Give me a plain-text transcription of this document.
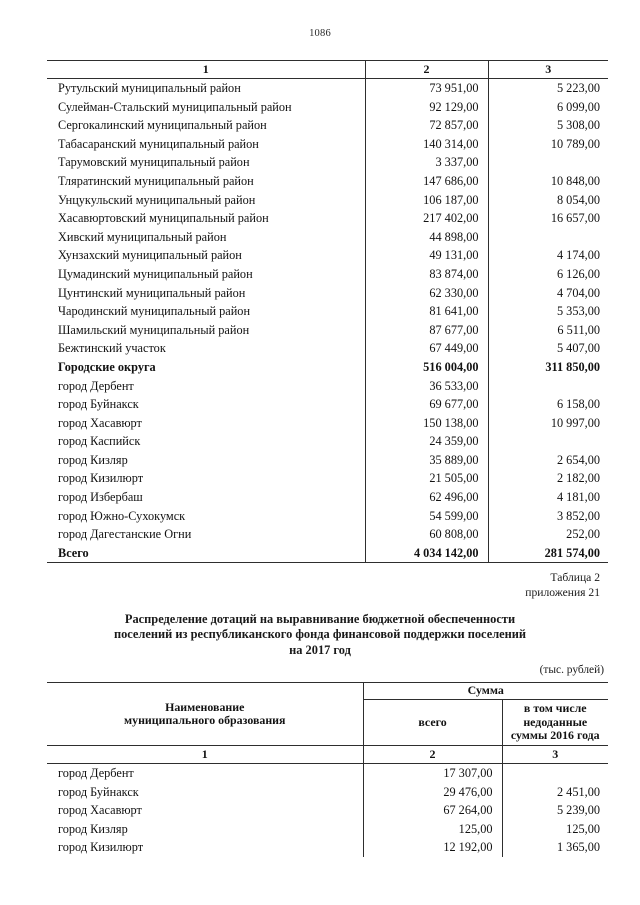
1086
1	2	3
Рутульский муниципальный район	73 951,00	5 223,00
Сулейман-Стальский муниципальный район	92 129,00	6 099,00
Сергокалинский муниципальный район	72 857,00	5 308,00
Табасаранский муниципальный район	140 314,00	10 789,00
Тарумовский муниципальный район	3 337,00	
Тляратинский муниципальный район	147 686,00	10 848,00
Унцукульский муниципальный район	106 187,00	8 054,00
Хасавюртовский муниципальный район	217 402,00	16 657,00
Хивский муниципальный район	44 898,00	
Хунзахский муниципальный район	49 131,00	4 174,00
Цумадинский муниципальный район	83 874,00	6 126,00
Цунтинский муниципальный район	62 330,00	4 704,00
Чародинский муниципальный район	81 641,00	5 353,00
Шамильский муниципальный район	87 677,00	6 511,00
Бежтинский участок	67 449,00	5 407,00
Городские округа	516 004,00	311 850,00
город Дербент	36 533,00	
город Буйнакск	69 677,00	6 158,00
город Хасавюрт	150 138,00	10 997,00
город Каспийск	24 359,00	
город Кизляр	35 889,00	2 654,00
город Кизилюрт	21 505,00	2 182,00
город Избербаш	62 496,00	4 181,00
город Южно-Сухокумск	54 599,00	3 852,00
город Дагестанские Огни	60 808,00	252,00
Всего	4 034 142,00	281 574,00
Таблица 2
приложения 21
Распределение дотаций на выравнивание бюджетной обеспеченности
поселений из республиканского фонда финансовой поддержки поселений
на 2017 год
(тыс. рублей)
Наименование
муниципального образования	Сумма	
	всего	в том числе
недоданные
суммы 2016 года

1	2	3
город Дербент	17 307,00	
город Буйнакск	29 476,00	2 451,00
город Хасавюрт	67 264,00	5 239,00
город Кизляр	125,00	125,00
город Кизилюрт	12 192,00	1 365,00
